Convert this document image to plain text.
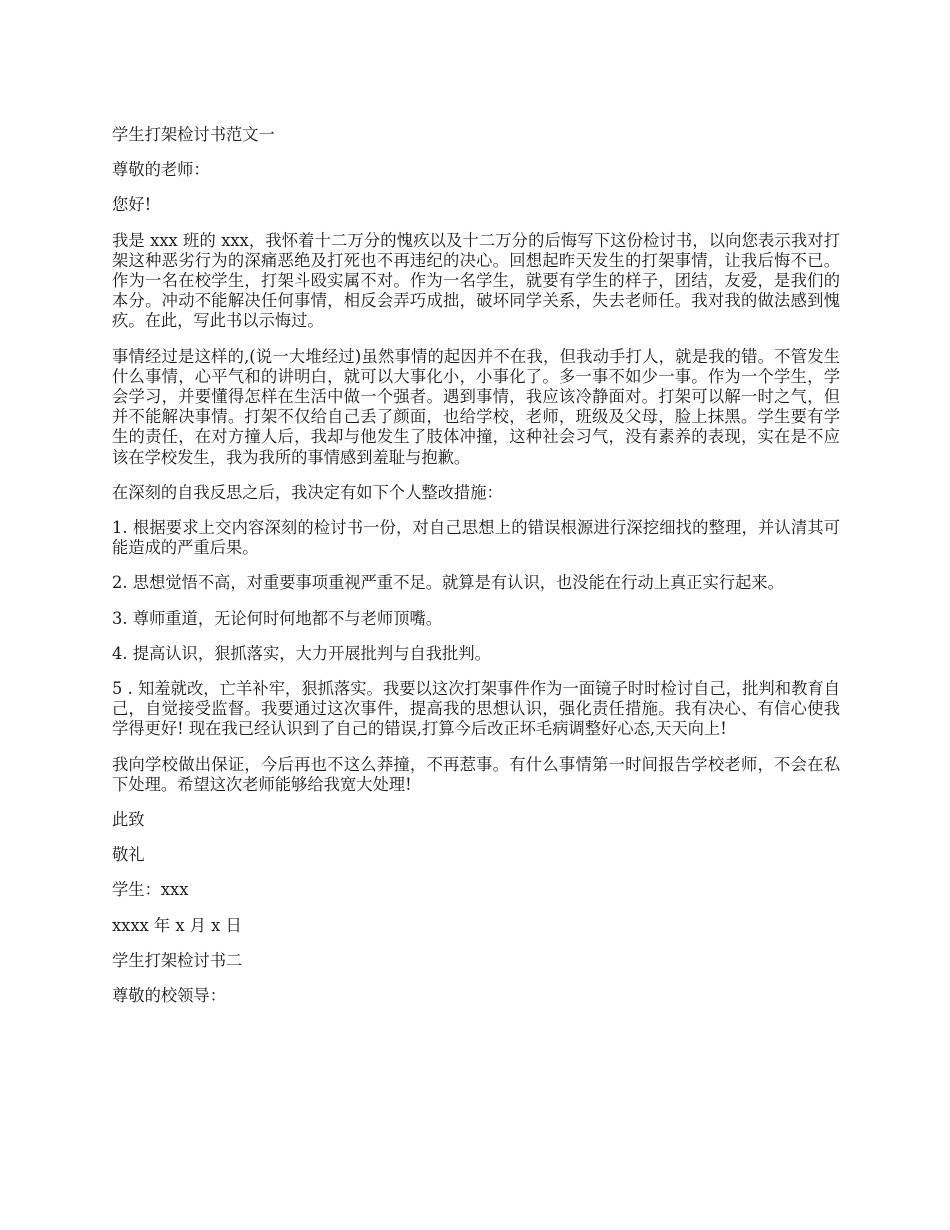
学生打架检讨书范文一

尊敬的老师：

您好!

我是 xxx 班的 xxx，我怀着十二万分的愧疚以及十二万分的后悔写下这份检讨书，以向您表示我对打架这种恶劣行为的深痛恶绝及打死也不再违纪的决心。回想起昨天发生的打架事情，让我后悔不已。作为一名在校学生，打架斗殴实属不对。作为一名学生，就要有学生的样子，团结，友爱，是我们的本分。冲动不能解决任何事情，相反会弄巧成拙，破坏同学关系，失去老师任。我对我的做法感到愧疚。在此，写此书以示悔过。

事情经过是这样的,(说一大堆经过)虽然事情的起因并不在我，但我动手打人，就是我的错。不管发生什么事情，心平气和的讲明白，就可以大事化小，小事化了。多一事不如少一事。作为一个学生，学会学习，并要懂得怎样在生活中做一个强者。遇到事情，我应该冷静面对。打架可以解一时之气，但并不能解决事情。打架不仅给自己丢了颜面，也给学校，老师，班级及父母，脸上抹黑。学生要有学生的责任，在对方撞人后，我却与他发生了肢体冲撞，这种社会习气，没有素养的表现，实在是不应该在学校发生，我为我所的事情感到羞耻与抱歉。

在深刻的自我反思之后，我决定有如下个人整改措施：

1. 根据要求上交内容深刻的检讨书一份，对自己思想上的错误根源进行深挖细找的整理，并认清其可能造成的严重后果。

2. 思想觉悟不高，对重要事项重视严重不足。就算是有认识，也没能在行动上真正实行起来。

3. 尊师重道，无论何时何地都不与老师顶嘴。

4. 提高认识，狠抓落实，大力开展批判与自我批判。

5 . 知羞就改，亡羊补牢，狠抓落实。我要以这次打架事件作为一面镜子时时检讨自己，批判和教育自己，自觉接受监督。我要通过这次事件，提高我的思想认识，强化责任措施。我有决心、有信心使我学得更好! 现在我已经认识到了自己的错误,打算今后改正坏毛病调整好心态,天天向上!

我向学校做出保证，今后再也不这么莽撞，不再惹事。有什么事情第一时间报告学校老师，不会在私下处理。希望这次老师能够给我宽大处理!

此致

敬礼

学生：xxx

xxxx 年 x 月 x 日

学生打架检讨书二

尊敬的校领导：
